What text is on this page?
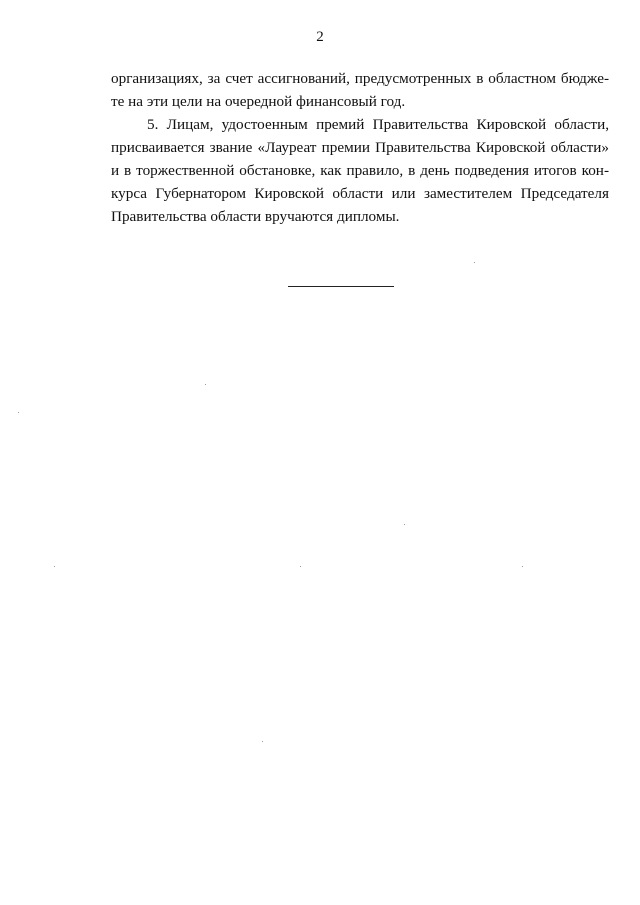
2
организациях, за счет ассигнований, предусмотренных в областном бюдже-
те на эти цели на очередной финансовый год.
5. Лицам, удостоенным премий Правительства Кировской области,
присваивается звание «Лауреат премии Правительства Кировской области»
и в торжественной обстановке, как правило, в день подведения итогов кон-
курса Губернатором Кировской области или заместителем Председателя
Правительства области вручаются дипломы.
